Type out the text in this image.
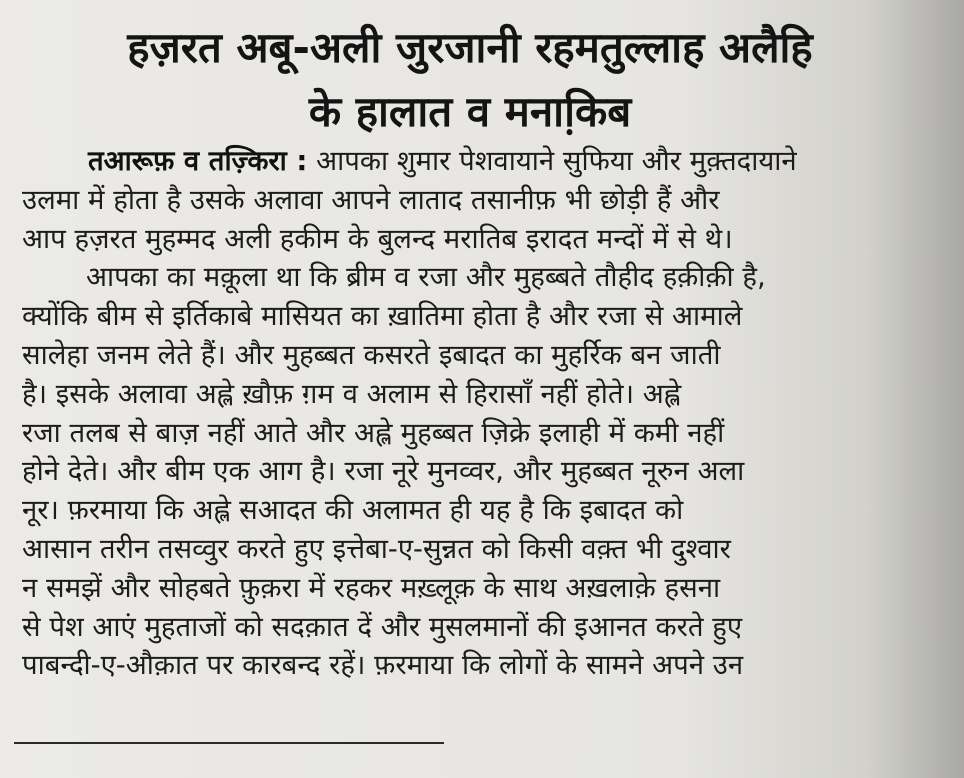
हज़रत अबू-अली जुरजानी रहमतुल्लाह अलैहि
के हालात व मनाकि़ब
तआरूफ़ व तज़्किरा : आपका शुमार पेशवायाने सुफिया और मुक़्तदायाने
उलमा में होता है उसके अलावा आपने लाताद तसानीफ़ भी छोड़ी हैं और
आप हज़रत मुहम्मद अली हकीम के बुलन्द मरातिब इरादत मन्दों में से थे।
आपका का मक़ूला था कि ब्रीम व रजा और मुहब्बते तौहीद हक़ीक़ी है,
क्योंकि बीम से इर्तिकाबे मासियत का ख़ातिमा होता है और रजा से आमाले
सालेहा जनम लेते हैं। और मुहब्बत कसरते इबादत का मुहर्रिक बन जाती
है। इसके अलावा अह्ले ख़ौफ़ ग़म व अलाम से हिरासाँ नहीं होते। अह्ले
रजा तलब से बाज़ नहीं आते और अह्ले मुहब्बत ज़िक्रे इलाही में कमी नहीं
होने देते। और बीम एक आग है। रजा नूरे मुनव्वर, और मुहब्बत नूरुन अला
नूर। फ़रमाया कि अह्ले सआदत की अलामत ही यह है कि इबादत को
आसान तरीन तसव्वुर करते हुए इत्तेबा-ए-सुन्नत को किसी वक़्त भी दुश्वार
न समझें और सोहबते फ़ुक़रा में रहकर मख़्लूक़ के साथ अख़लाक़े हसना
से पेश आएं मुहताजों को सदक़ात दें और मुसलमानों की इआनत करते हुए
पाबन्दी-ए-औक़ात पर कारबन्द रहें। फ़रमाया कि लोगों के सामने अपने उन
